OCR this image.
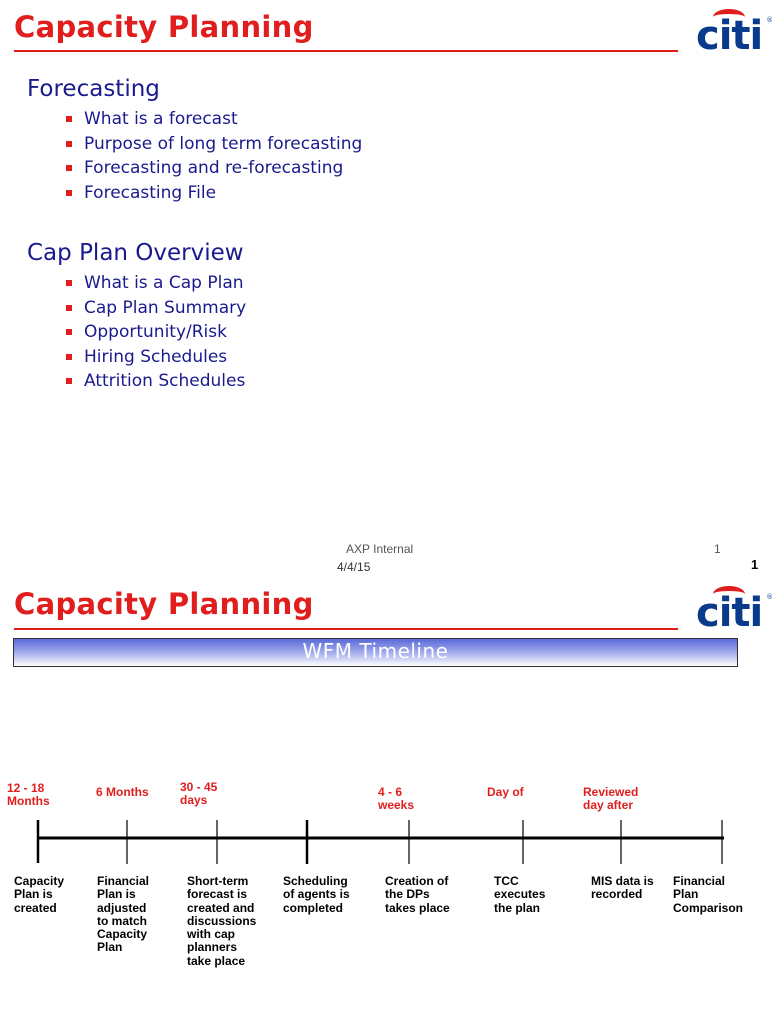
Capacity Planning	citi ®
Forecasting
What is a forecast
Purpose of long term forecasting
Forecasting and re-forecasting
Forecasting File
Cap Plan Overview
What is a Cap Plan
Cap Plan Summary
Opportunity/Risk
Hiring Schedules
Attrition Schedules
AXP Internal	1
4/4/15	1
Capacity Planning	citi ®
WFM Timeline
12 - 18
Months
6 Months	30 - 45
days
4 - 6
weeks
Day of	Reviewed
day after
Capacity
Plan is
created
Financial
Plan is
adjusted
to match
Capacity
Plan
Short-term
forecast is
created and
discussions
with cap
planners
take place
Scheduling
of agents is
completed
Creation of
the DPs
takes place
TCC
executes
the plan
MIS data is
recorded
Financial
Plan
Comparison
